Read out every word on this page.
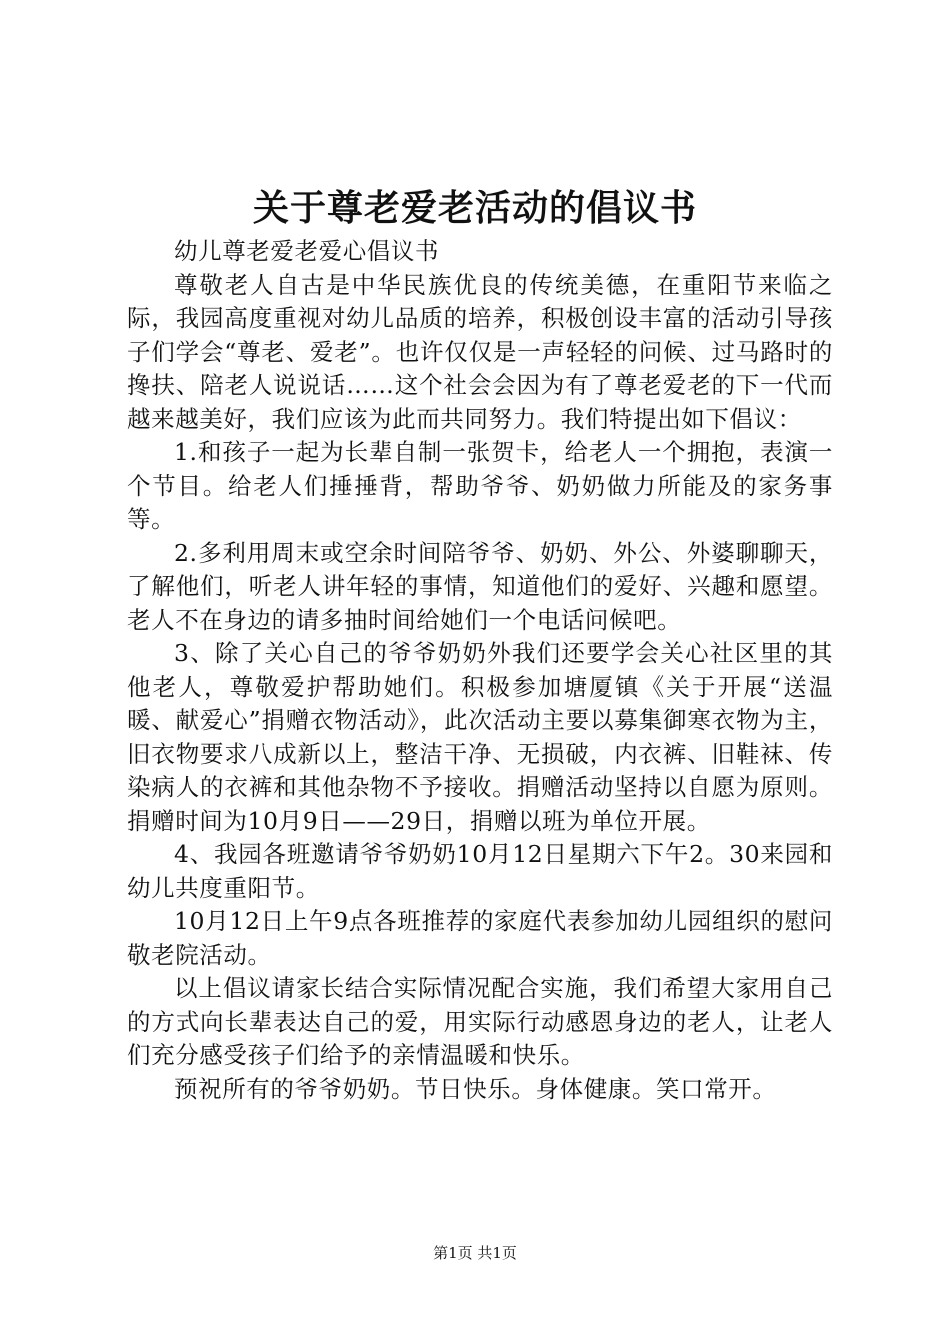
关于尊老爱老活动的倡议书

幼儿尊老爱老爱心倡议书

尊敬老人自古是中华民族优良的传统美德，在重阳节来临之际，我园高度重视对幼儿品质的培养，积极创设丰富的活动引导孩子们学会“尊老、爱老”。也许仅仅是一声轻轻的问候、过马路时的搀扶、陪老人说说话……这个社会会因为有了尊老爱老的下一代而越来越美好，我们应该为此而共同努力。我们特提出如下倡议：

1.和孩子一起为长辈自制一张贺卡，给老人一个拥抱，表演一个节目。给老人们捶捶背，帮助爷爷、奶奶做力所能及的家务事等。

2.多利用周末或空余时间陪爷爷、奶奶、外公、外婆聊聊天，了解他们，听老人讲年轻的事情，知道他们的爱好、兴趣和愿望。老人不在身边的请多抽时间给她们一个电话问候吧。

3、除了关心自己的爷爷奶奶外我们还要学会关心社区里的其他老人，尊敬爱护帮助她们。积极参加塘厦镇《关于开展“送温暖、献爱心”捐赠衣物活动》，此次活动主要以募集御寒衣物为主，旧衣物要求八成新以上，整洁干净、无损破，内衣裤、旧鞋袜、传染病人的衣裤和其他杂物不予接收。捐赠活动坚持以自愿为原则。捐赠时间为10月9日——29日，捐赠以班为单位开展。

4、我园各班邀请爷爷奶奶10月12日星期六下午2。30来园和幼儿共度重阳节。

10月12日上午9点各班推荐的家庭代表参加幼儿园组织的慰问敬老院活动。

以上倡议请家长结合实际情况配合实施，我们希望大家用自己的方式向长辈表达自己的爱，用实际行动感恩身边的老人，让老人们充分感受孩子们给予的亲情温暖和快乐。

预祝所有的爷爷奶奶。节日快乐。身体健康。笑口常开。

第1页 共1页
